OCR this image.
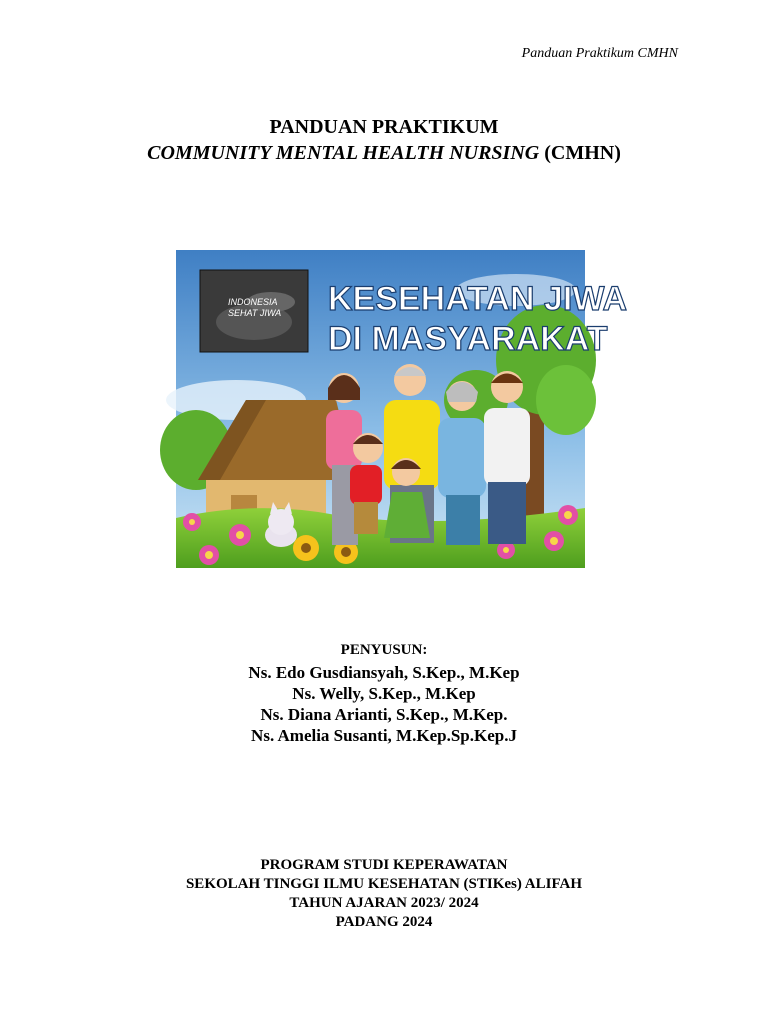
Panduan Praktikum CMHN
PANDUAN PRAKTIKUM
COMMUNITY MENTAL HEALTH NURSING (CMHN)
INDONESIA
SEHAT JIWA KESEHATAN JIWA
DI MASYARAKAT
PENYUSUN:
Ns. Edo Gusdiansyah, S.Kep., M.Kep
Ns. Welly, S.Kep., M.Kep
Ns. Diana Arianti, S.Kep., M.Kep.
Ns. Amelia Susanti, M.Kep.Sp.Kep.J
PROGRAM STUDI KEPERAWATAN
SEKOLAH TINGGI ILMU KESEHATAN (STIKes) ALIFAH
TAHUN AJARAN 2023/ 2024
PADANG 2024
